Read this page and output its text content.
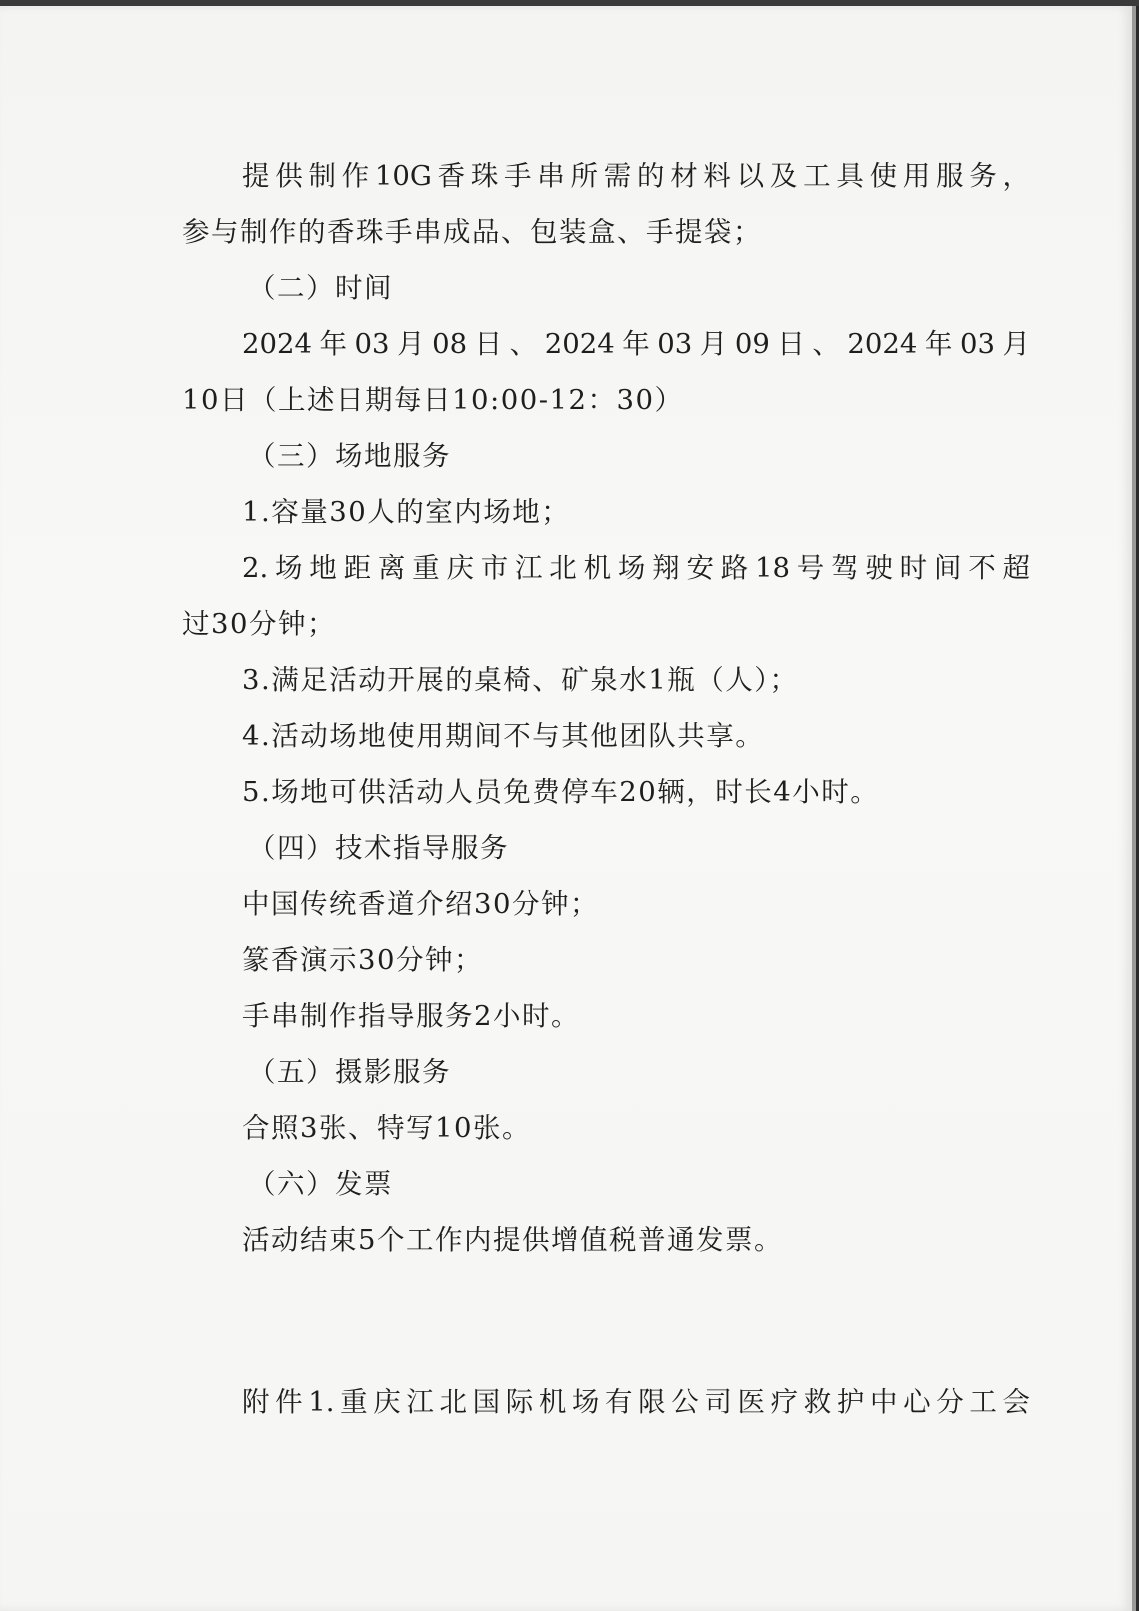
提供制作10G香珠手串所需的材料以及工具使用服务，
参与制作的香珠手串成品、包装盒、手提袋；
（二）时间
2024年03月08日、2024年03月09日、2024年03月
10日（上述日期每日10:00-12：30）
（三）场地服务
1.容量30人的室内场地；
2.场地距离重庆市江北机场翔安路18号驾驶时间不超
过30分钟；
3.满足活动开展的桌椅、矿泉水1瓶（人）；
4.活动场地使用期间不与其他团队共享。
5.场地可供活动人员免费停车20辆，时长4小时。
（四）技术指导服务
中国传统香道介绍30分钟；
篆香演示30分钟；
手串制作指导服务2小时。
（五）摄影服务
合照3张、特写10张。
（六）发票
活动结束5个工作内提供增值税普通发票。
附件1.重庆江北国际机场有限公司医疗救护中心分工会
